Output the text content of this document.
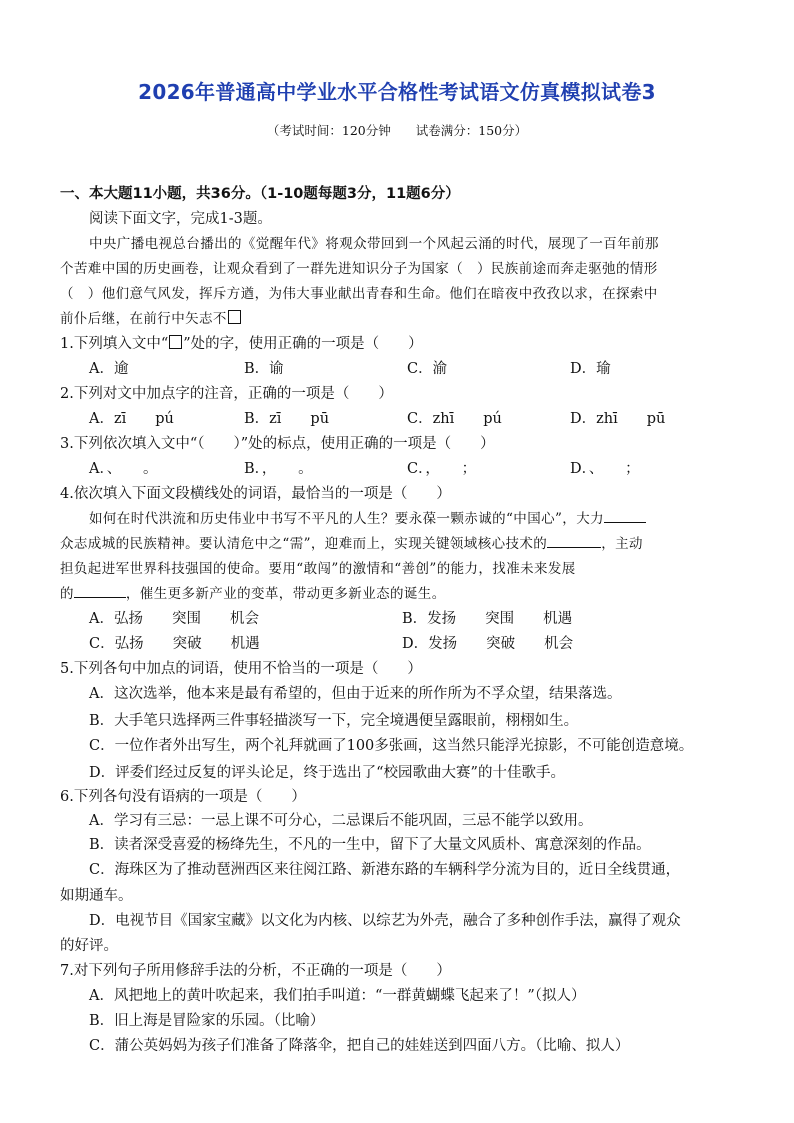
2026年普通高中学业水平合格性考试语文仿真模拟试卷3
（考试时间：120分钟　　试卷满分：150分）
一、本大题11小题，共36分。（1-10题每题3分，11题6分）
阅读下面文字，完成1-3题。
中央广播电视总台播出的《觉醒年代》将观众带回到一个风起云涌的时代，展现了一百年前那
个苦难中国的历史画卷，让观众看到了一群先进知识分子为国家（　）民族前途而奔走驱弛的情形
（　）他们意气风发，挥斥方遒，为伟大事业献出青春和生命。他们在暗夜中孜孜以求，在探索中
前仆后继，在前行中矢志不
1.下列填入文中“ ”处的字，使用正确的一项是（　　）
A．逾	B．谕	C．渝	D．瑜
2.下列对文中加点字的注音，正确的一项是（　　）
A．zī　　pú	B．zī　　pū	C．zhī　　pú	D．zhī　　pū
3.下列依次填入文中“（　　）”处的标点，使用正确的一项是（　　）
A．、　　。	B．，　　。	C．，　　；	D．、　　；
4.依次填入下面文段横线处的词语，最恰当的一项是（　　）
如何在时代洪流和历史伟业中书写不平凡的人生？要永葆一颗赤诚的“中国心”，大力
众志成城的民族精神。要认清危中之“需”，迎难而上，实现关键领域核心技术的	，主动
担负起进军世界科技强国的使命。要用“敢闯”的激情和“善创”的能力，找准未来发展
的	，催生更多新产业的变革，带动更多新业态的诞生。
A．弘扬　　突围　　机会	B．发扬　　突围　　机遇
C．弘扬　　突破　　机遇	D．发扬　　突破　　机会
5.下列各句中加点的词语，使用不恰当的一项是（　　）
A．这次选举，他本来是最有希望的，但由于近来的所作所为不孚众望，结果落选。
B．大手笔只选择两三件事轻描淡写一下，完全境遇便呈露眼前，栩栩如生。
C．一位作者外出写生，两个礼拜就画了100多张画，这当然只能浮光掠影，不可能创造意境。
D．评委们经过反复的评头论足，终于选出了“校园歌曲大赛”的十佳歌手。
6.下列各句没有语病的一项是（　　）
A．学习有三忌：一忌上课不可分心，二忌课后不能巩固，三忌不能学以致用。
B．读者深受喜爱的杨绛先生，不凡的一生中，留下了大量文风质朴、寓意深刻的作品。
C．海珠区为了推动琶洲西区来往阅江路、新港东路的车辆科学分流为目的，近日全线贯通，
如期通车。
D．电视节目《国家宝藏》以文化为内核、以综艺为外壳，融合了多种创作手法，赢得了观众
的好评。
7.对下列句子所用修辞手法的分析，不正确的一项是（　　）
A．风把地上的黄叶吹起来，我们拍手叫道：“一群黄蝴蝶飞起来了！”（拟人）
B．旧上海是冒险家的乐园。（比喻）
C．蒲公英妈妈为孩子们准备了降落伞，把自己的娃娃送到四面八方。（比喻、拟人）
